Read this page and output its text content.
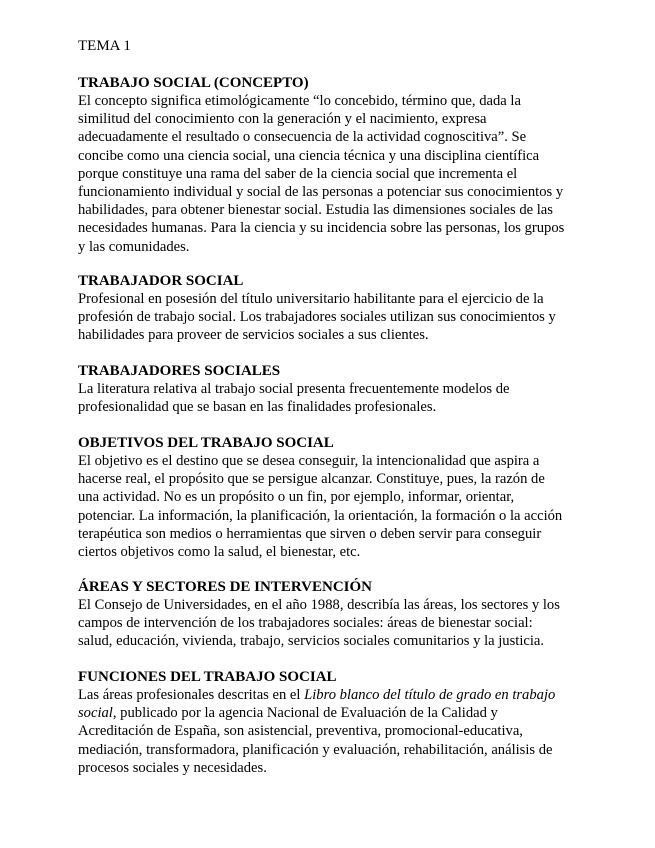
TEMA 1

TRABAJO SOCIAL (CONCEPTO)
El concepto significa etimológicamente “lo concebido, término que, dada la
similitud del conocimiento con la generación y el nacimiento, expresa
adecuadamente el resultado o consecuencia de la actividad cognoscitiva”. Se
concibe como una ciencia social, una ciencia técnica y una disciplina científica
porque constituye una rama del saber de la ciencia social que incrementa el
funcionamiento individual y social de las personas a potenciar sus conocimientos y
habilidades, para obtener bienestar social. Estudia las dimensiones sociales de las
necesidades humanas. Para la ciencia y su incidencia sobre las personas, los grupos
y las comunidades.
TRABAJADOR SOCIAL
Profesional en posesión del título universitario habilitante para el ejercicio de la
profesión de trabajo social. Los trabajadores sociales utilizan sus conocimientos y
habilidades para proveer de servicios sociales a sus clientes.
TRABAJADORES SOCIALES
La literatura relativa al trabajo social presenta frecuentemente modelos de
profesionalidad que se basan en las finalidades profesionales.
OBJETIVOS DEL TRABAJO SOCIAL
El objetivo es el destino que se desea conseguir, la intencionalidad que aspira a
hacerse real, el propósito que se persigue alcanzar. Constituye, pues, la razón de
una actividad. No es un propósito o un fin, por ejemplo, informar, orientar,
potenciar. La información, la planificación, la orientación, la formación o la acción
terapéutica son medios o herramientas que sirven o deben servir para conseguir
ciertos objetivos como la salud, el bienestar, etc.
ÁREAS Y SECTORES DE INTERVENCIÓN
El Consejo de Universidades, en el año 1988, describía las áreas, los sectores y los
campos de intervención de los trabajadores sociales: áreas de bienestar social:
salud, educación, vivienda, trabajo, servicios sociales comunitarios y la justicia.
FUNCIONES DEL TRABAJO SOCIAL
Las áreas profesionales descritas en el Libro blanco del título de grado en trabajo
social, publicado por la agencia Nacional de Evaluación de la Calidad y
Acreditación de España, son asistencial, preventiva, promocional-educativa,
mediación, transformadora, planificación y evaluación, rehabilitación, análisis de
procesos sociales y necesidades.
